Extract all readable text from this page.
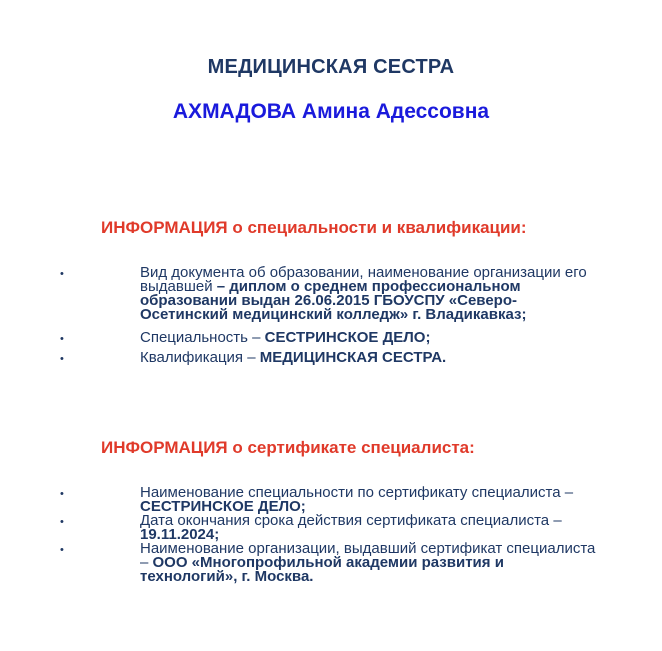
МЕДИЦИНСКАЯ СЕСТРА
АХМАДОВА Амина Адессовна
ИНФОРМАЦИЯ о специальности и квалификации:
•	Вид документа об образовании, наименование организации его выдавшей – диплом о среднем профессиональном образовании выдан 26.06.2015 ГБОУСПУ «Северо-Осетинский медицинский колледж» г. Владикавказ;
•	Специальность – СЕСТРИНСКОЕ ДЕЛО;
•	Квалификация – МЕДИЦИНСКАЯ СЕСТРА.
ИНФОРМАЦИЯ о сертификате специалиста:
•	Наименование специальности по сертификату специалиста – СЕСТРИНСКОЕ ДЕЛО;
•	Дата окончания срока действия сертификата специалиста – 19.11.2024;
•	Наименование организации, выдавший сертификат специалиста – ООО «Многопрофильной академии развития и технологий», г. Москва.
